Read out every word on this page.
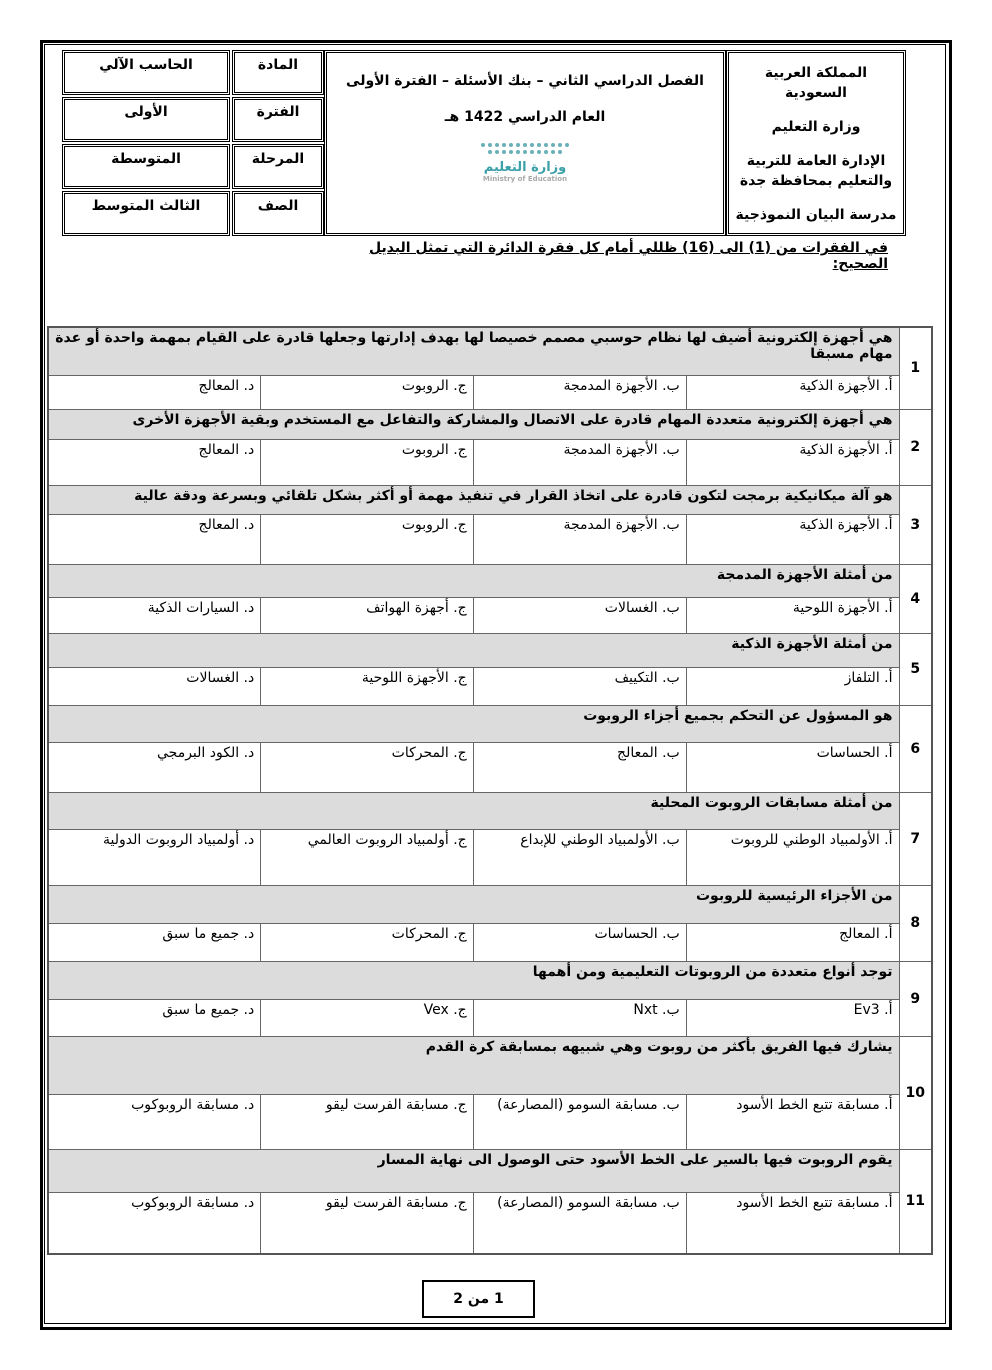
المملكة العربية السعودية
وزارة التعليم
الإدارة العامة للتربية والتعليم بمحافظة جدة
مدرسة البيان النموذجية
الفصل الدراسي الثاني – بنك الأسئلة – الفترة الأولى
العام الدراسي 1422 هـ
وزارة التعليم
Ministry of Education
المادة
الحاسب الآلي
الفترة
الأولى
المرحلة
المتوسطة
الصف
الثالث المتوسط
في الفقرات من (1) الى (16) ظللي أمام كل فقرة الدائرة التي تمثل البديل الصحيح:
1	هي أجهزة إلكترونية أضيف لها نظام حوسبي مصمم خصيصا لها بهدف إدارتها وجعلها قادرة على القيام بمهمة واحدة أو عدة مهام مسبقا			
	أ. الأجهزة الذكية	ب. الأجهزة المدمجة	ج. الروبوت	د. المعالج
2	هي أجهزة إلكترونية متعددة المهام قادرة على الاتصال والمشاركة والتفاعل مع المستخدم وبقية الأجهزة الأخرى			
	أ. الأجهزة الذكية	ب. الأجهزة المدمجة	ج. الروبوت	د. المعالج
3	هو آلة ميكانيكية برمجت لتكون قادرة على اتخاذ القرار في تنفيذ مهمة أو أكثر بشكل تلقائي وبسرعة ودقة عالية			
	أ. الأجهزة الذكية	ب. الأجهزة المدمجة	ج. الروبوت	د. المعالج
4	من أمثلة الأجهزة المدمجة			
	أ. الأجهزة اللوحية	ب. الغسالات	ج. أجهزة الهواتف	د. السيارات الذكية
5	من أمثلة الأجهزة الذكية			
	أ. التلفاز	ب. التكييف	ج. الأجهزة اللوحية	د. الغسالات
6	هو المسؤول عن التحكم بجميع أجزاء الروبوت			
	أ. الحساسات	ب. المعالج	ج. المحركات	د. الكود البرمجي
7	من أمثلة مسابقات الروبوت المحلية			
	أ. الأولمبياد الوطني للروبوت	ب. الأولمبياد الوطني للإبداع	ج. أولمبياد الروبوت العالمي	د. أولمبياد الروبوت الدولية
8	من الأجزاء الرئيسية للروبوت			
	أ. المعالج	ب. الحساسات	ج. المحركات	د. جميع ما سبق
9	توجد أنواع متعددة من الروبوتات التعليمية ومن أهمها			
	أ. Ev3	ب. Nxt	ج. Vex	د. جميع ما سبق
10	يشارك فيها الفريق بأكثر من روبوت وهي شبيهه بمسابقة كرة القدم			
	أ. مسابقة تتبع الخط الأسود	ب. مسابقة السومو (المصارعة)	ج. مسابقة الفرست ليقو	د. مسابقة الروبوكوب
11	يقوم الروبوت فيها بالسير على الخط الأسود حتى الوصول الى نهاية المسار			
	أ. مسابقة تتبع الخط الأسود	ب. مسابقة السومو (المصارعة)	ج. مسابقة الفرست ليقو	د. مسابقة الروبوكوب
1 من 2
